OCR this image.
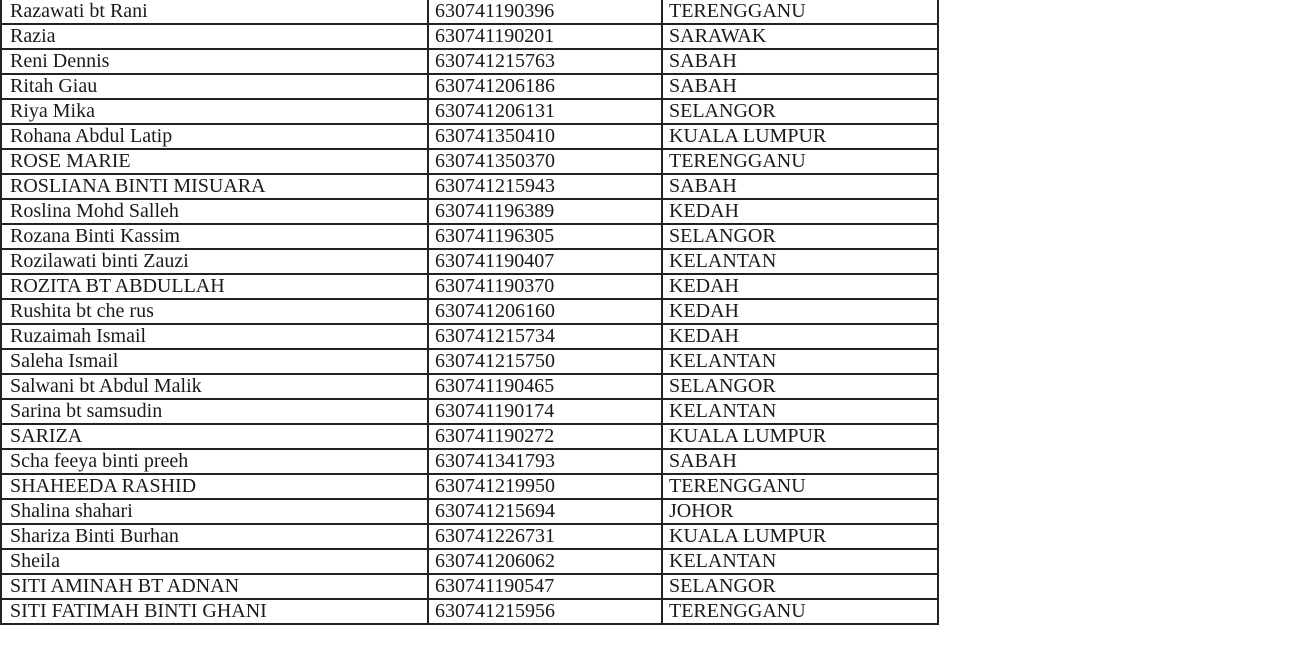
Razawati bt Rani	630741190396	TERENGGANU
Razia	630741190201	SARAWAK
Reni Dennis	630741215763	SABAH
Ritah Giau	630741206186	SABAH
Riya Mika	630741206131	SELANGOR
Rohana Abdul Latip	630741350410	KUALA LUMPUR
ROSE MARIE	630741350370	TERENGGANU
ROSLIANA BINTI MISUARA	630741215943	SABAH
Roslina Mohd Salleh	630741196389	KEDAH
Rozana Binti Kassim	630741196305	SELANGOR
Rozilawati binti Zauzi	630741190407	KELANTAN
ROZITA BT ABDULLAH	630741190370	KEDAH
Rushita bt che rus	630741206160	KEDAH
Ruzaimah Ismail	630741215734	KEDAH
Saleha Ismail	630741215750	KELANTAN
Salwani bt Abdul Malik	630741190465	SELANGOR
Sarina bt samsudin	630741190174	KELANTAN
SARIZA	630741190272	KUALA LUMPUR
Scha feeya binti preeh	630741341793	SABAH
SHAHEEDA RASHID	630741219950	TERENGGANU
Shalina shahari	630741215694	JOHOR
Shariza Binti Burhan	630741226731	KUALA LUMPUR
Sheila	630741206062	KELANTAN
SITI AMINAH BT ADNAN	630741190547	SELANGOR
SITI FATIMAH BINTI GHANI	630741215956	TERENGGANU
